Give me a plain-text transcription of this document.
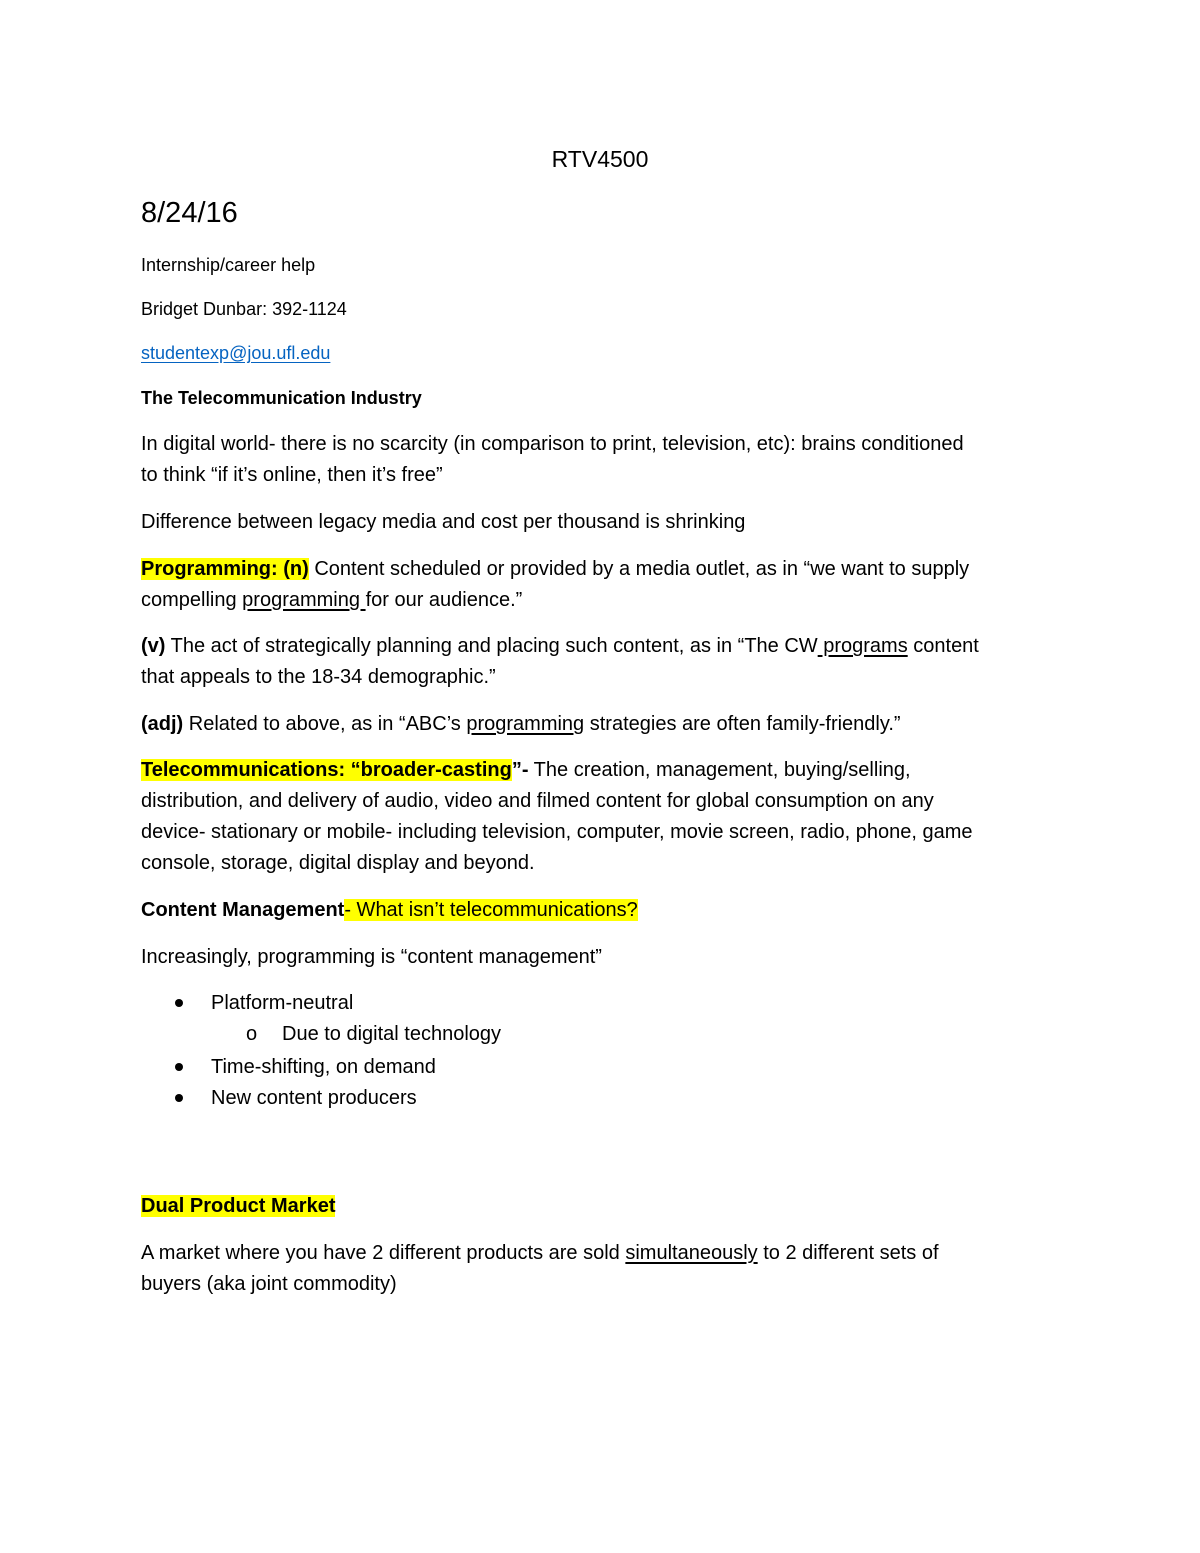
RTV4500
8/24/16
Internship/career help
Bridget Dunbar: 392-1124
studentexp@jou.ufl.edu
The Telecommunication Industry
In digital world- there is no scarcity (in comparison to print, television, etc): brains conditioned
to think “if it’s online, then it’s free”
Difference between legacy media and cost per thousand is shrinking
Programming: (n) Content scheduled or provided by a media outlet, as in “we want to supply
compelling programming for our audience.”
(v) The act of strategically planning and placing such content, as in “The CW programs content
that appeals to the 18-34 demographic.”
(adj) Related to above, as in “ABC’s programming strategies are often family-friendly.”
Telecommunications: “broader-casting”- The creation, management, buying/selling,
distribution, and delivery of audio, video and filmed content for global consumption on any
device- stationary or mobile- including television, computer, movie screen, radio, phone, game
console, storage, digital display and beyond.
Content Management- What isn’t telecommunications?
Increasingly, programming is “content management”
Platform-neutral
o Due to digital technology
Time-shifting, on demand
New content producers
Dual Product Market
A market where you have 2 different products are sold simultaneously to 2 different sets of
buyers (aka joint commodity)
